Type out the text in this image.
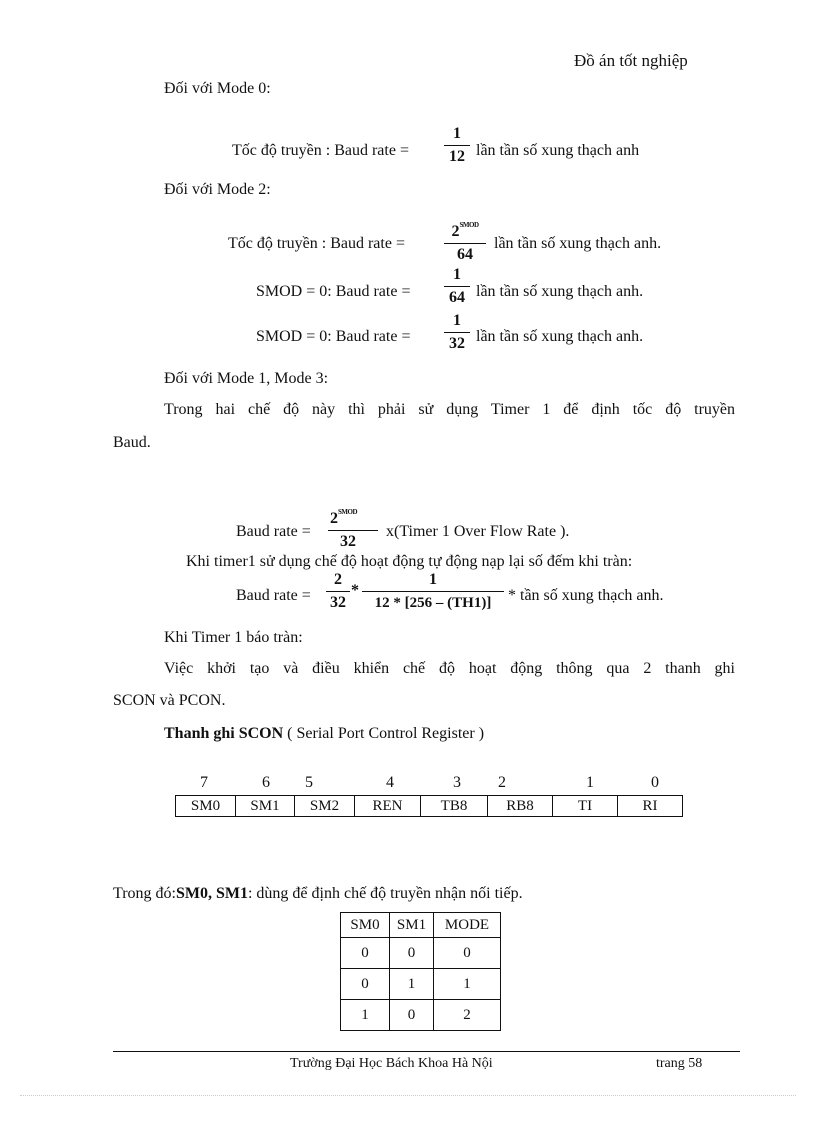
Đồ án tốt nghiệp
Đối với Mode 0:
Tốc độ truyền : Baud rate =
1
12 lần tần số xung thạch anh
Đối với Mode 2:
Tốc độ truyền : Baud rate =
$2^{SMOD}$
64
lần tần số xung thạch anh.
SMOD = 0: Baud rate =
1
64 lần tần số xung thạch anh.
SMOD = 0: Baud rate =
1
32 lần tần số xung thạch anh.
Đối với Mode 1, Mode 3:
Trong hai chế độ này thì phải sử dụng Timer 1 để định tốc độ truyền
Baud.
Baud rate =
$2^{SMOD}$
32
x(Timer 1 Over Flow Rate ).
Khi timer1 sử dụng chế độ hoạt động tự động nạp lại số đếm khi tràn:
Baud rate =
2
32
*
1
12 * [256 – (TH1)]	* tần số xung thạch anh.
Khi Timer 1 báo tràn:
Việc khởi tạo và điều khiển chế độ hoạt động thông qua 2 thanh ghi
SCON và PCON.
Thanh ghi SCON ( Serial Port Control Register )
7	6 5	4	3 2	1	0
SM0	SM1	SM2	REN	TB8	RB8	TI	RI
Trong đó:SM0, SM1: dùng để định chế độ truyền nhận nối tiếp.
SM0	SM1	MODE
0	0	0
0	1	1
1	0	2
Trường Đại Học Bách Khoa Hà Nội	trang 58
